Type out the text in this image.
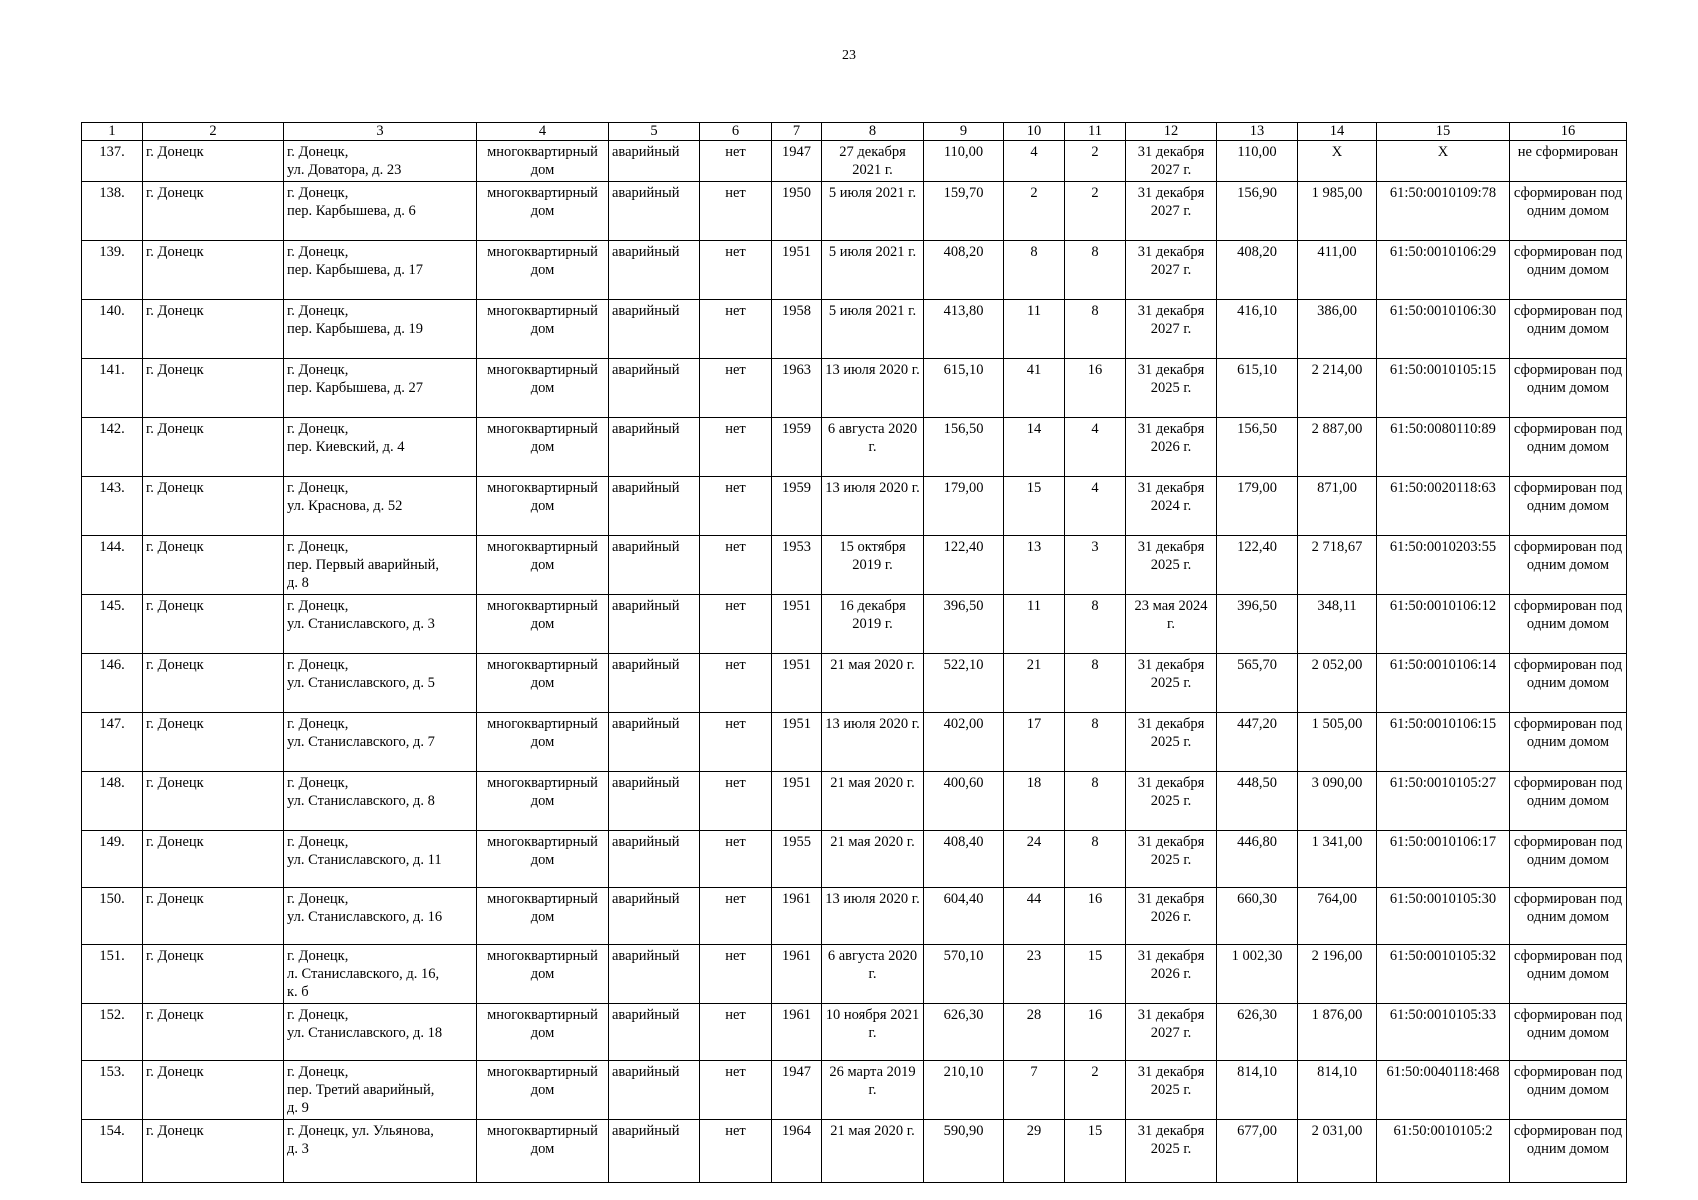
23
1	2	3	4	5	6	7	8	9	10	11	12	13	14	15	16
137.	г. Донецк	г. Донецк,
ул. Доватора, д. 23	многоквартирный дом	аварийный	нет	1947	27 декабря 2021 г.	110,00	4	2	31 декабря 2027 г.	110,00	X	X	не сформирован
138.	г. Донецк	г. Донецк,
пер. Карбышева, д. 6	многоквартирный дом	аварийный	нет	1950	5 июля 2021 г.	159,70	2	2	31 декабря 2027 г.	156,90	1 985,00	61:50:0010109:78	сформирован под одним домом
139.	г. Донецк	г. Донецк,
пер. Карбышева, д. 17	многоквартирный дом	аварийный	нет	1951	5 июля 2021 г.	408,20	8	8	31 декабря 2027 г.	408,20	411,00	61:50:0010106:29	сформирован под одним домом
140.	г. Донецк	г. Донецк,
пер. Карбышева, д. 19	многоквартирный дом	аварийный	нет	1958	5 июля 2021 г.	413,80	11	8	31 декабря 2027 г.	416,10	386,00	61:50:0010106:30	сформирован под одним домом
141.	г. Донецк	г. Донецк,
пер. Карбышева, д. 27	многоквартирный дом	аварийный	нет	1963	13 июля 2020 г.	615,10	41	16	31 декабря 2025 г.	615,10	2 214,00	61:50:0010105:15	сформирован под одним домом
142.	г. Донецк	г. Донецк,
пер. Киевский, д. 4	многоквартирный дом	аварийный	нет	1959	6 августа 2020 г.	156,50	14	4	31 декабря 2026 г.	156,50	2 887,00	61:50:0080110:89	сформирован под одним домом
143.	г. Донецк	г. Донецк,
ул. Краснова, д. 52	многоквартирный дом	аварийный	нет	1959	13 июля 2020 г.	179,00	15	4	31 декабря 2024 г.	179,00	871,00	61:50:0020118:63	сформирован под одним домом
144.	г. Донецк	г. Донецк,
пер. Первый аварийный,
д. 8	многоквартирный дом	аварийный	нет	1953	15 октября 2019 г.	122,40	13	3	31 декабря 2025 г.	122,40	2 718,67	61:50:0010203:55	сформирован под одним домом
145.	г. Донецк	г. Донецк,
ул. Станиславского, д. 3	многоквартирный дом	аварийный	нет	1951	16 декабря 2019 г.	396,50	11	8	23 мая 2024 г.	396,50	348,11	61:50:0010106:12	сформирован под одним домом
146.	г. Донецк	г. Донецк,
ул. Станиславского, д. 5	многоквартирный дом	аварийный	нет	1951	21 мая 2020 г.	522,10	21	8	31 декабря 2025 г.	565,70	2 052,00	61:50:0010106:14	сформирован под одним домом
147.	г. Донецк	г. Донецк,
ул. Станиславского, д. 7	многоквартирный дом	аварийный	нет	1951	13 июля 2020 г.	402,00	17	8	31 декабря 2025 г.	447,20	1 505,00	61:50:0010106:15	сформирован под одним домом
148.	г. Донецк	г. Донецк,
ул. Станиславского, д. 8	многоквартирный дом	аварийный	нет	1951	21 мая 2020 г.	400,60	18	8	31 декабря 2025 г.	448,50	3 090,00	61:50:0010105:27	сформирован под одним домом
149.	г. Донецк	г. Донецк,
ул. Станиславского, д. 11	многоквартирный дом	аварийный	нет	1955	21 мая 2020 г.	408,40	24	8	31 декабря 2025 г.	446,80	1 341,00	61:50:0010106:17	сформирован под одним домом
150.	г. Донецк	г. Донецк,
ул. Станиславского, д. 16	многоквартирный дом	аварийный	нет	1961	13 июля 2020 г.	604,40	44	16	31 декабря 2026 г.	660,30	764,00	61:50:0010105:30	сформирован под одним домом
151.	г. Донецк	г. Донецк,
л. Станиславского, д. 16,
к. б	многоквартирный дом	аварийный	нет	1961	6 августа 2020 г.	570,10	23	15	31 декабря 2026 г.	1 002,30	2 196,00	61:50:0010105:32	сформирован под одним домом
152.	г. Донецк	г. Донецк,
ул. Станиславского, д. 18	многоквартирный дом	аварийный	нет	1961	10 ноября 2021 г.	626,30	28	16	31 декабря 2027 г.	626,30	1 876,00	61:50:0010105:33	сформирован под одним домом
153.	г. Донецк	г. Донецк,
пер. Третий аварийный,
д. 9	многоквартирный дом	аварийный	нет	1947	26 марта 2019 г.	210,10	7	2	31 декабря 2025 г.	814,10	814,10	61:50:0040118:468	сформирован под одним домом
154.	г. Донецк	г. Донецк, ул. Ульянова,
д. 3	многоквартирный дом	аварийный	нет	1964	21 мая 2020 г.	590,90	29	15	31 декабря 2025 г.	677,00	2 031,00	61:50:0010105:2	сформирован под одним домом
